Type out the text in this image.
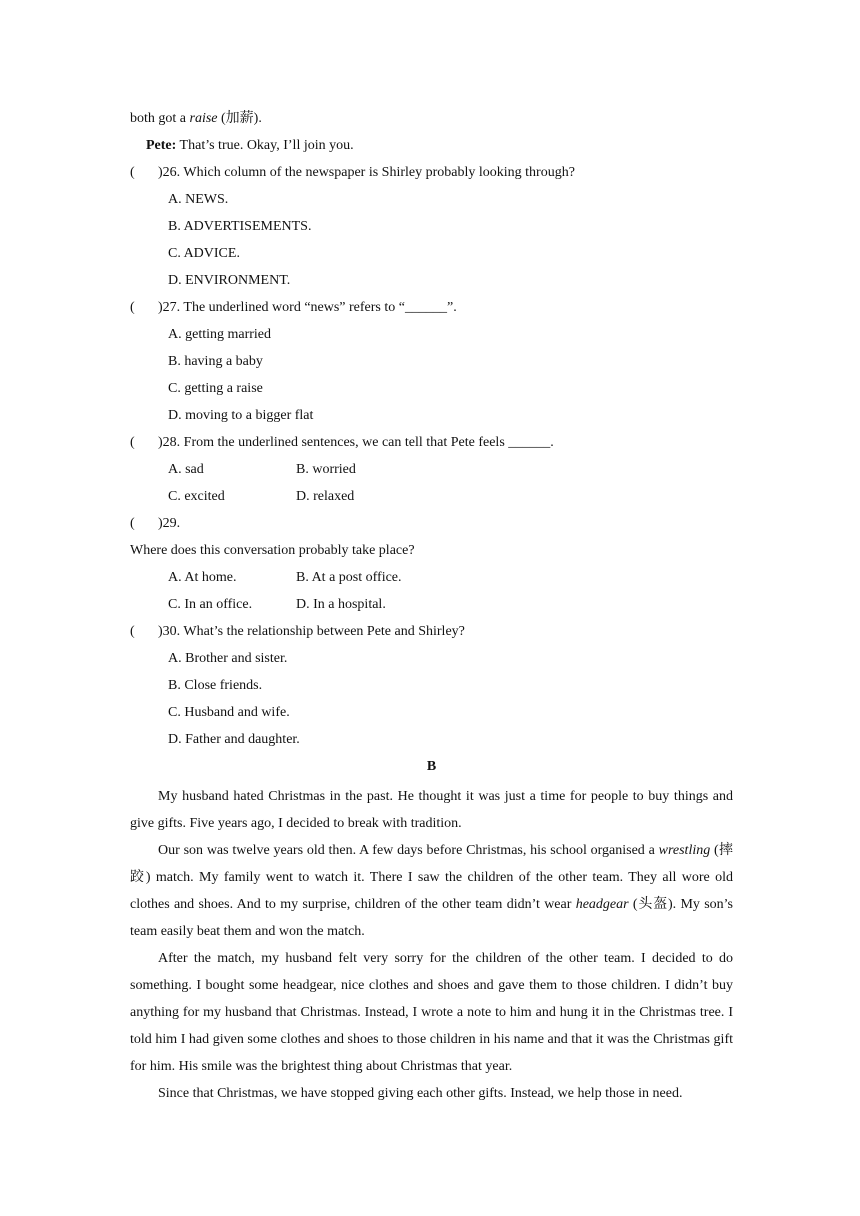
both got a raise (加薪).
Pete: That’s true. Okay, I’ll join you.
( )26. Which column of the newspaper is Shirley probably looking through?
A. NEWS.
B. ADVERTISEMENTS.
C. ADVICE.
D. ENVIRONMENT.
( )27. The underlined word “news” refers to “______”.
A. getting married
B. having a baby
C. getting a raise
D. moving to a bigger flat
( )28. From the underlined sentences, we can tell that Pete feels ______.
A. sad	B. worried
C. excited	D. relaxed
( )29.
Where does this conversation probably take place?
A. At home.	B. At a post office.
C. In an office.	D. In a hospital.
( )30. What’s the relationship between Pete and Shirley?
A. Brother and sister.
B. Close friends.
C. Husband and wife.
D. Father and daughter.
B

My husband hated Christmas in the past. He thought it was just a time for people to buy things and give gifts. Five years ago, I decided to break with tradition.

Our son was twelve years old then. A few days before Christmas, his school organised a wrestling (摔跤) match. My family went to watch it. There I saw the children of the other team. They all wore old clothes and shoes. And to my surprise, children of the other team didn’t wear headgear (头盔). My son’s team easily beat them and won the match.

After the match, my husband felt very sorry for the children of the other team. I decided to do something. I bought some headgear, nice clothes and shoes and gave them to those children. I didn’t buy anything for my husband that Christmas. Instead, I wrote a note to him and hung it in the Christmas tree. I told him I had given some clothes and shoes to those children in his name and that it was the Christmas gift for him. His smile was the brightest thing about Christmas that year.

Since that Christmas, we have stopped giving each other gifts. Instead, we help those in need.
